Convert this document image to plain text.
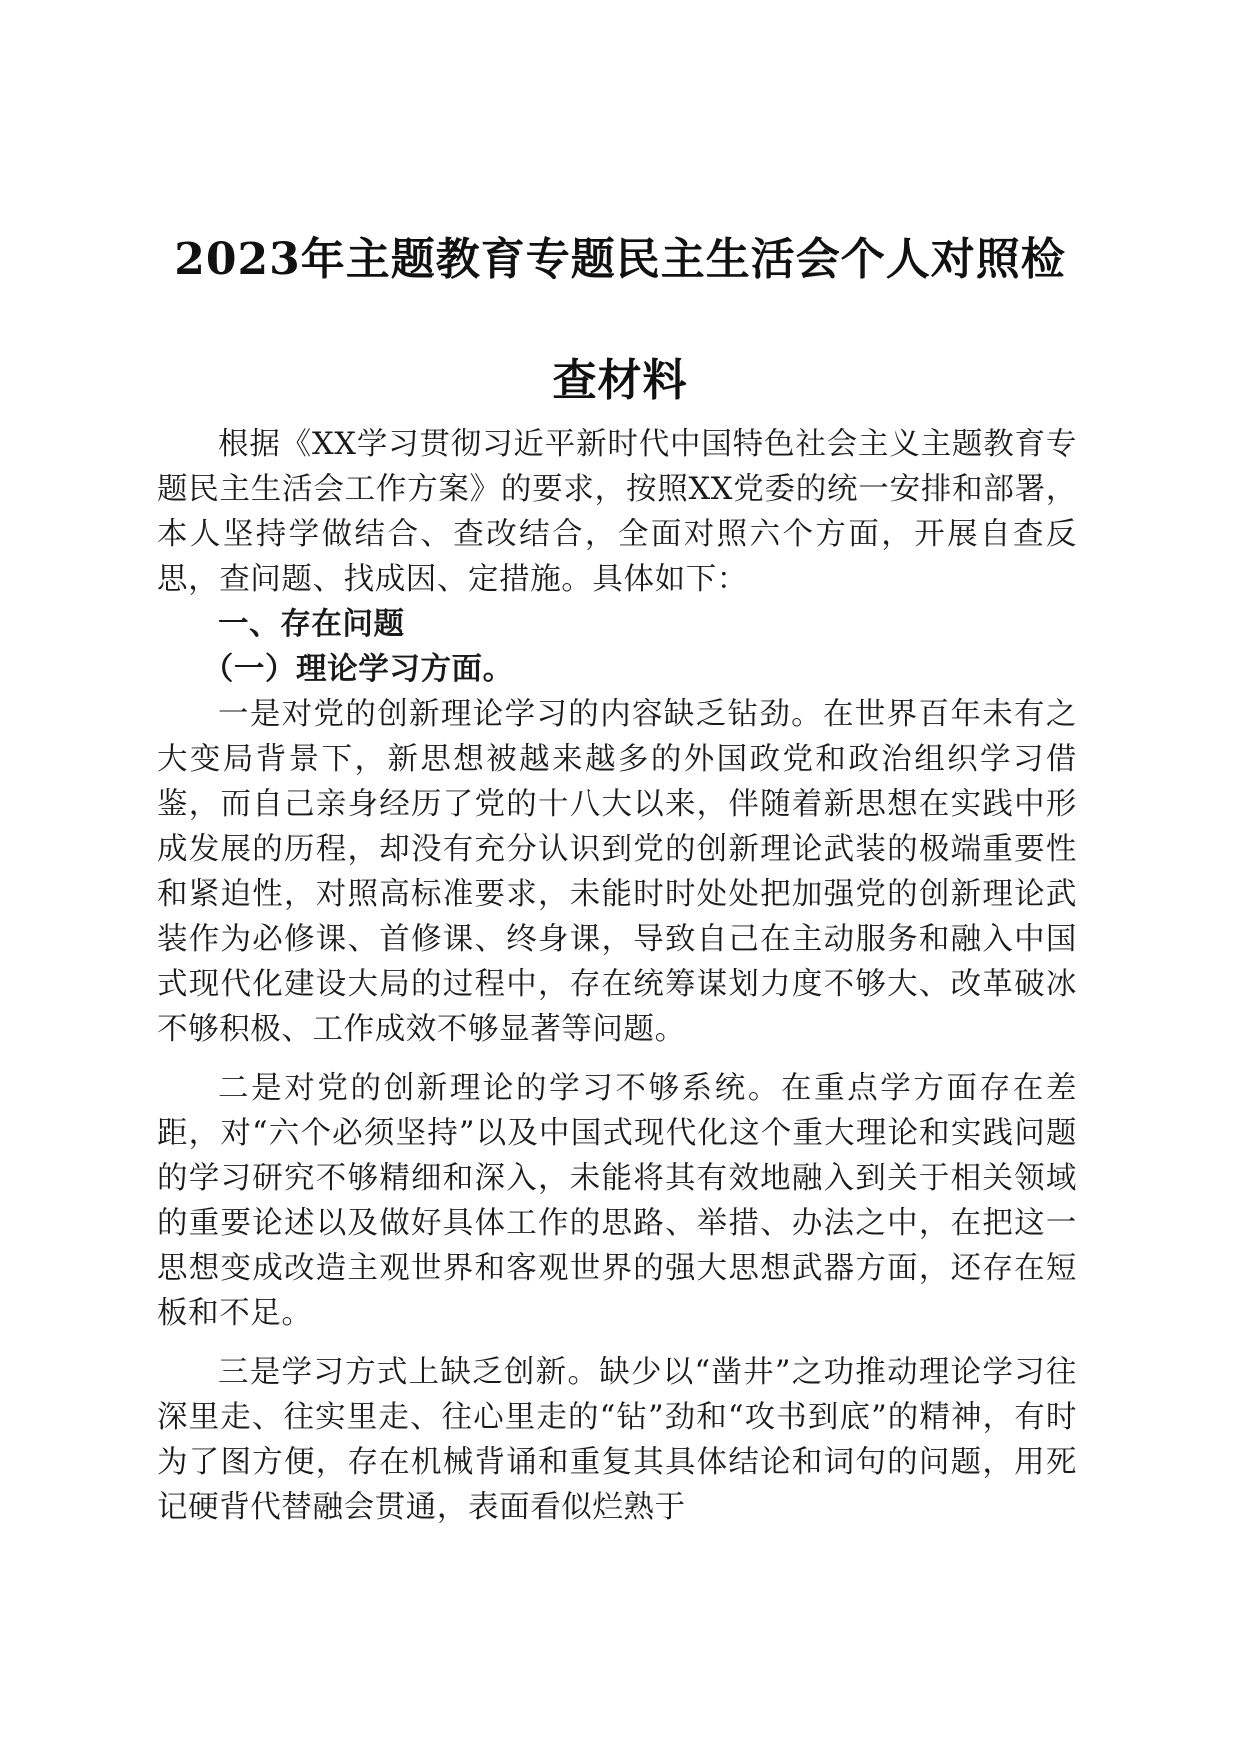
2023年主题教育专题民主生活会个人对照检
查材料

根据《XX学习贯彻习近平新时代中国特色社会主义主题教育专题民主生活会工作方案》的要求，按照XX党委的统一安排和部署，本人坚持学做结合、查改结合，全面对照六个方面，开展自查反思，查问题、找成因、定措施。具体如下：

一、存在问题
（一）理论学习方面。

一是对党的创新理论学习的内容缺乏钻劲。在世界百年未有之大变局背景下，新思想被越来越多的外国政党和政治组织学习借鉴，而自己亲身经历了党的十八大以来，伴随着新思想在实践中形成发展的历程，却没有充分认识到党的创新理论武装的极端重要性和紧迫性，对照高标准要求，未能时时处处把加强党的创新理论武装作为必修课、首修课、终身课，导致自己在主动服务和融入中国式现代化建设大局的过程中，存在统筹谋划力度不够大、改革破冰不够积极、工作成效不够显著等问题。

二是对党的创新理论的学习不够系统。在重点学方面存在差距，对“六个必须坚持”以及中国式现代化这个重大理论和实践问题的学习研究不够精细和深入，未能将其有效地融入到关于相关领域的重要论述以及做好具体工作的思路、举措、办法之中，在把这一思想变成改造主观世界和客观世界的强大思想武器方面，还存在短板和不足。

三是学习方式上缺乏创新。缺少以“凿井”之功推动理论学习往深里走、往实里走、往心里走的“钻”劲和“攻书到底”的精神，有时为了图方便，存在机械背诵和重复其具体结论和词句的问题，用死记硬背代替融会贯通，表面看似烂熟于
